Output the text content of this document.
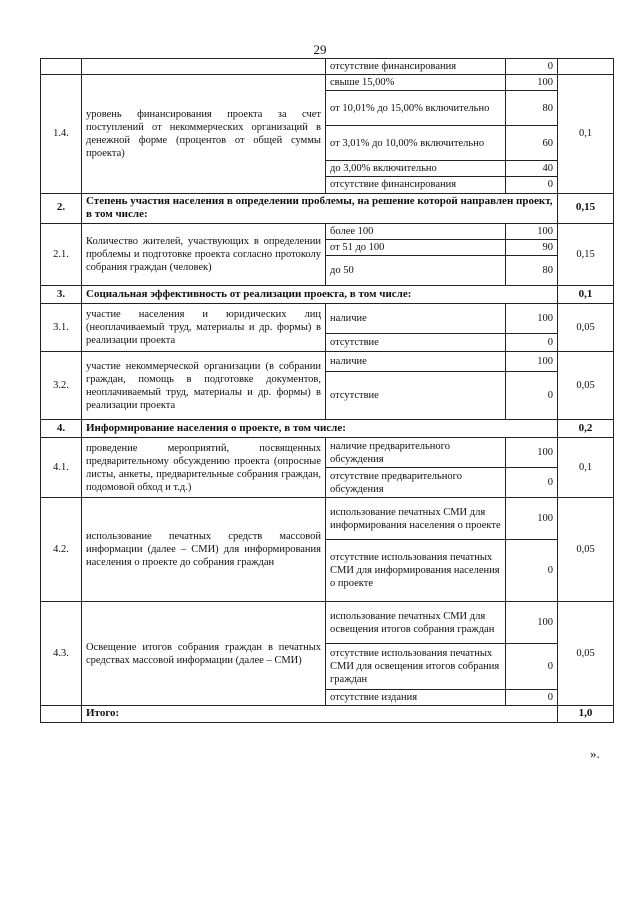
29
		отсутствие финансирования	0	
1.4.	уровень финансирования проекта за счет поступлений от некоммерческих организаций в денежной форме (процентов от общей суммы проекта)	свыше 15,00%	100	0,1
		от 10,01% до 15,00% включительно	80	
		от 3,01% до 10,00% включительно	60	
		до 3,00% включительно	40	
		отсутствие финансирования	0	
2.	Степень участия населения в определении проблемы, на решение которой направлен проект, в том числе:			0,15
2.1.	Количество жителей, участвующих в определении проблемы и подготовке проекта согласно протоколу собрания граждан (человек)	более 100	100	0,15
		от 51 до 100	90	
		до 50	80	
3.	Социальная эффективность от реализации проекта, в том числе:			0,1
3.1.	участие населения и юридических лиц (неоплачиваемый труд, материалы и др. формы) в реализации проекта	наличие	100	0,05
		отсутствие	0	
3.2.	участие некоммерческой организации (в собрании граждан, помощь в подготовке документов, неоплачиваемый труд, материалы и др. формы) в реализации проекта	наличие	100	0,05
		отсутствие	0	
4.	Информирование населения о проекте, в том числе:			0,2
4.1.	проведение мероприятий, посвященных предварительному обсуждению проекта (опросные листы, анкеты, предварительные собрания граждан, подомовой обход и т.д.)	наличие предварительного обсуждения	100	0,1
		отсутствие предварительного обсуждения	0	
4.2.	использование печатных средств массовой информации (далее – СМИ) для информирования населения о проекте до собрания граждан	использование печатных СМИ для информирования населения о проекте	100	0,05
		отсутствие использования печатных СМИ для информирования населения о проекте	0	
4.3.	Освещение итогов собрания граждан в печатных средствах массовой информации (далее – СМИ)	использование печатных СМИ для освещения итогов собрания граждан	100	0,05
		отсутствие использования печатных СМИ для освещения итогов собрания граждан	0	
		отсутствие издания	0	
	Итого:			1,0
».
